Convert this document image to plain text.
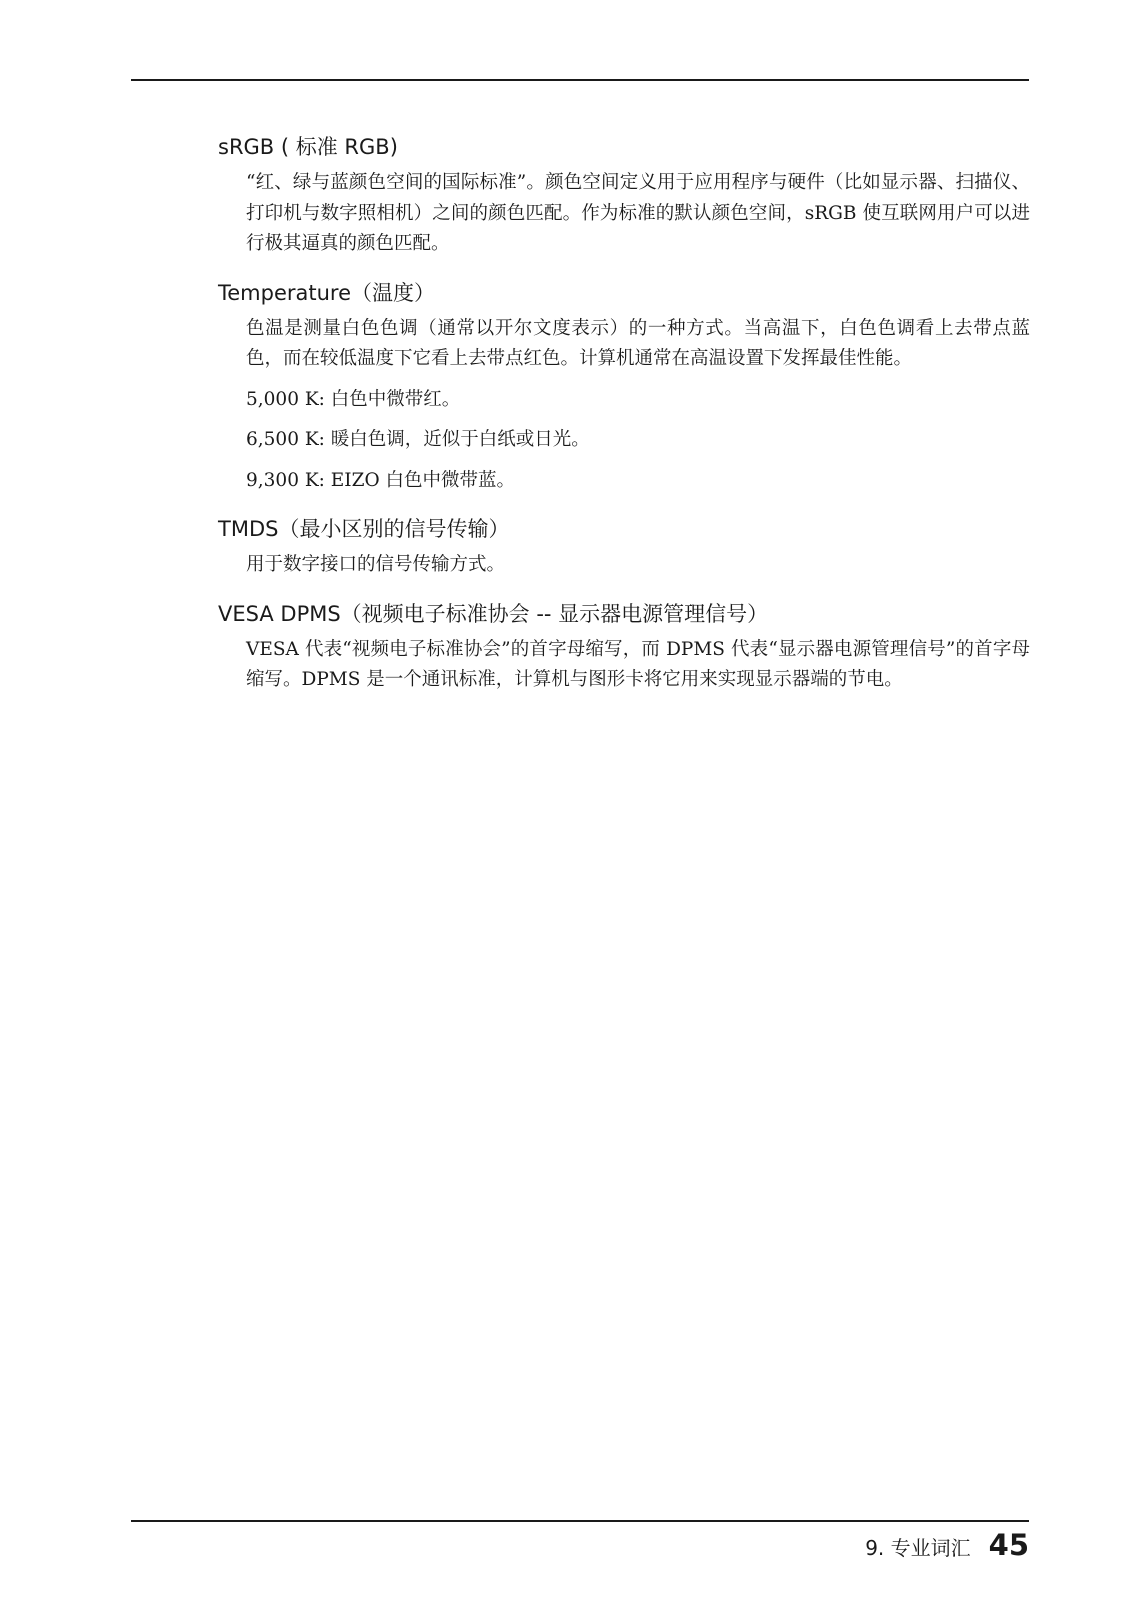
sRGB ( 标准 RGB)

“红、绿与蓝颜色空间的国际标准”。颜色空间定义用于应用程序与硬件（比如显示器、扫描仪、打印机与数字照相机）之间的颜色匹配。作为标准的默认颜色空间，sRGB 使互联网用户可以进行极其逼真的颜色匹配。

Temperature（温度）

色温是测量白色色调（通常以开尔文度表示）的一种方式。当高温下，白色色调看上去带点蓝色，而在较低温度下它看上去带点红色。计算机通常在高温设置下发挥最佳性能。

5,000 K: 白色中微带红。

6,500 K: 暖白色调，近似于白纸或日光。

9,300 K: EIZO 白色中微带蓝。

TMDS（最小区别的信号传输）

用于数字接口的信号传输方式。

VESA DPMS（视频电子标准协会 -- 显示器电源管理信号）

VESA 代表“视频电子标准协会”的首字母缩写，而 DPMS 代表“显示器电源管理信号”的首字母缩写。DPMS 是一个通讯标准，计算机与图形卡将它用来实现显示器端的节电。

9. 专业词汇 45
